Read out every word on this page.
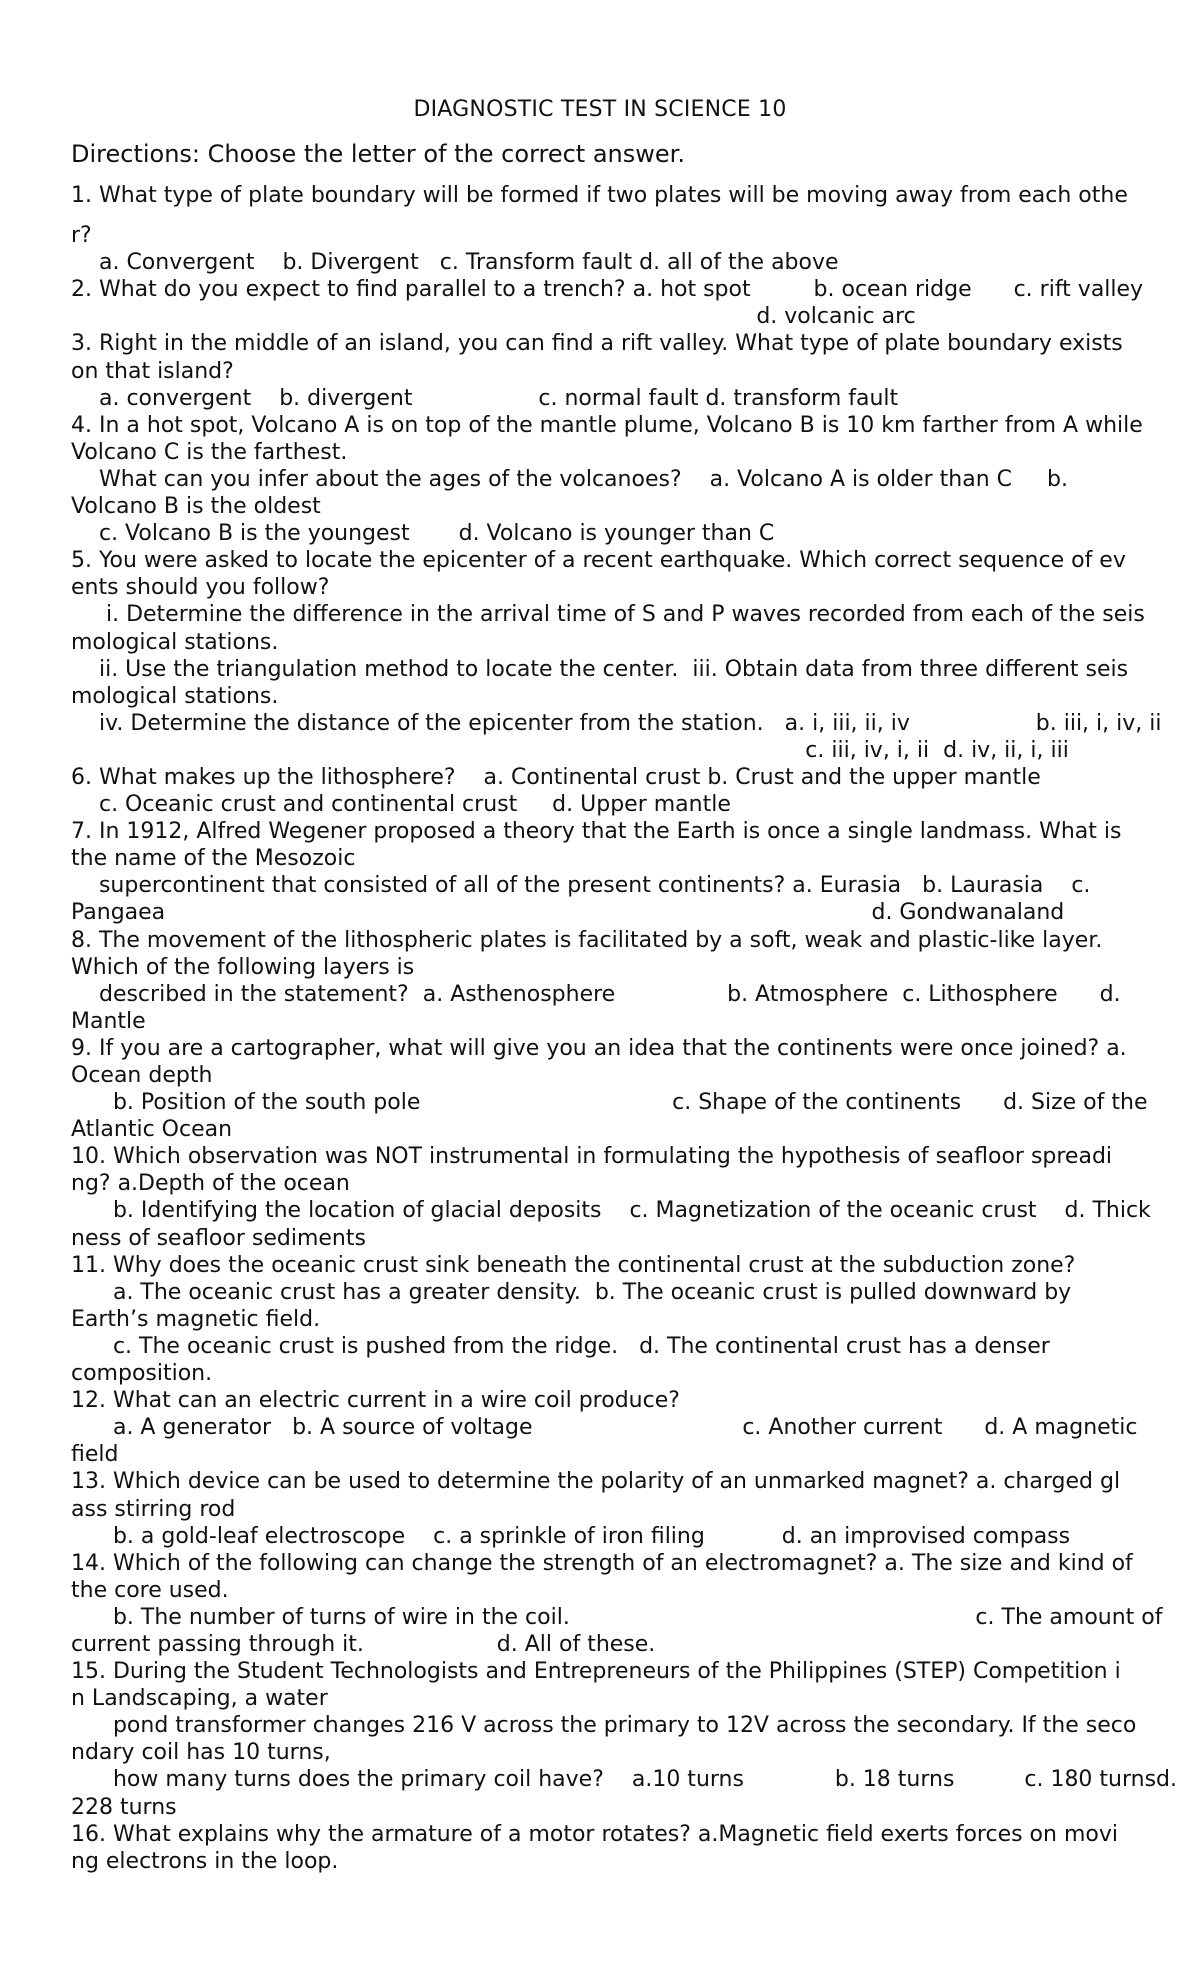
DIAGNOSTIC TEST IN SCIENCE 10
Directions: Choose the letter of the correct answer.
1. What type of plate boundary will be formed if two plates will be moving away from each othe
r?
a. Convergent    b. Divergent   c. Transform fault d. all of the above
2. What do you expect to find parallel to a trench? a. hot spot         b. ocean ridge      c. rift valley
d. volcanic arc
3. Right in the middle of an island, you can find a rift valley. What type of plate boundary exists
on that island?
a. convergent    b. divergent                  c. normal fault d. transform fault
4. In a hot spot, Volcano A is on top of the mantle plume, Volcano B is 10 km farther from A while
Volcano C is the farthest.
What can you infer about the ages of the volcanoes?    a. Volcano A is older than C     b.
Volcano B is the oldest
c. Volcano B is the youngest       d. Volcano is younger than C
5. You were asked to locate the epicenter of a recent earthquake. Which correct sequence of ev
ents should you follow?
i. Determine the difference in the arrival time of S and P waves recorded from each of the seis
mological stations.
ii. Use the triangulation method to locate the center.  iii. Obtain data from three different seis
mological stations.
iv. Determine the distance of the epicenter from the station.   a. i, iii, ii, iv                  b. iii, i, iv, ii
c. iii, iv, i, ii  d. iv, ii, i, iii
6. What makes up the lithosphere?    a. Continental crust b. Crust and the upper mantle
c. Oceanic crust and continental crust     d. Upper mantle
7. In 1912, Alfred Wegener proposed a theory that the Earth is once a single landmass. What is
the name of the Mesozoic
supercontinent that consisted of all of the present continents? a. Eurasia   b. Laurasia    c.
Pangaea                                                                                                     d. Gondwanaland
8. The movement of the lithospheric plates is facilitated by a soft, weak and plastic-like layer.
Which of the following layers is
described in the statement?  a. Asthenosphere                b. Atmosphere  c. Lithosphere      d.
Mantle
9. If you are a cartographer, what will give you an idea that the continents were once joined? a.
Ocean depth
b. Position of the south pole                                    c. Shape of the continents      d. Size of the
Atlantic Ocean
10. Which observation was NOT instrumental in formulating the hypothesis of seafloor spreadi
ng? a.Depth of the ocean
b. Identifying the location of glacial deposits    c. Magnetization of the oceanic crust    d. Thick
ness of seafloor sediments
11. Why does the oceanic crust sink beneath the continental crust at the subduction zone?
a. The oceanic crust has a greater density.  b. The oceanic crust is pulled downward by
Earth’s magnetic field.
c. The oceanic crust is pushed from the ridge.   d. The continental crust has a denser
composition.
12. What can an electric current in a wire coil produce?
a. A generator   b. A source of voltage                              c. Another current      d. A magnetic
field
13. Which device can be used to determine the polarity of an unmarked magnet? a. charged gl
ass stirring rod
b. a gold-leaf electroscope    c. a sprinkle of iron filing           d. an improvised compass
14. Which of the following can change the strength of an electromagnet? a. The size and kind of
the core used.
b. The number of turns of wire in the coil.                                                          c. The amount of
current passing through it.                   d. All of these.
15. During the Student Technologists and Entrepreneurs of the Philippines (STEP) Competition i
n Landscaping, a water
pond transformer changes 216 V across the primary to 12V across the secondary. If the seco
ndary coil has 10 turns,
how many turns does the primary coil have?    a.10 turns             b. 18 turns          c. 180 turnsd.
228 turns
16. What explains why the armature of a motor rotates? a.Magnetic field exerts forces on movi
ng electrons in the loop.
